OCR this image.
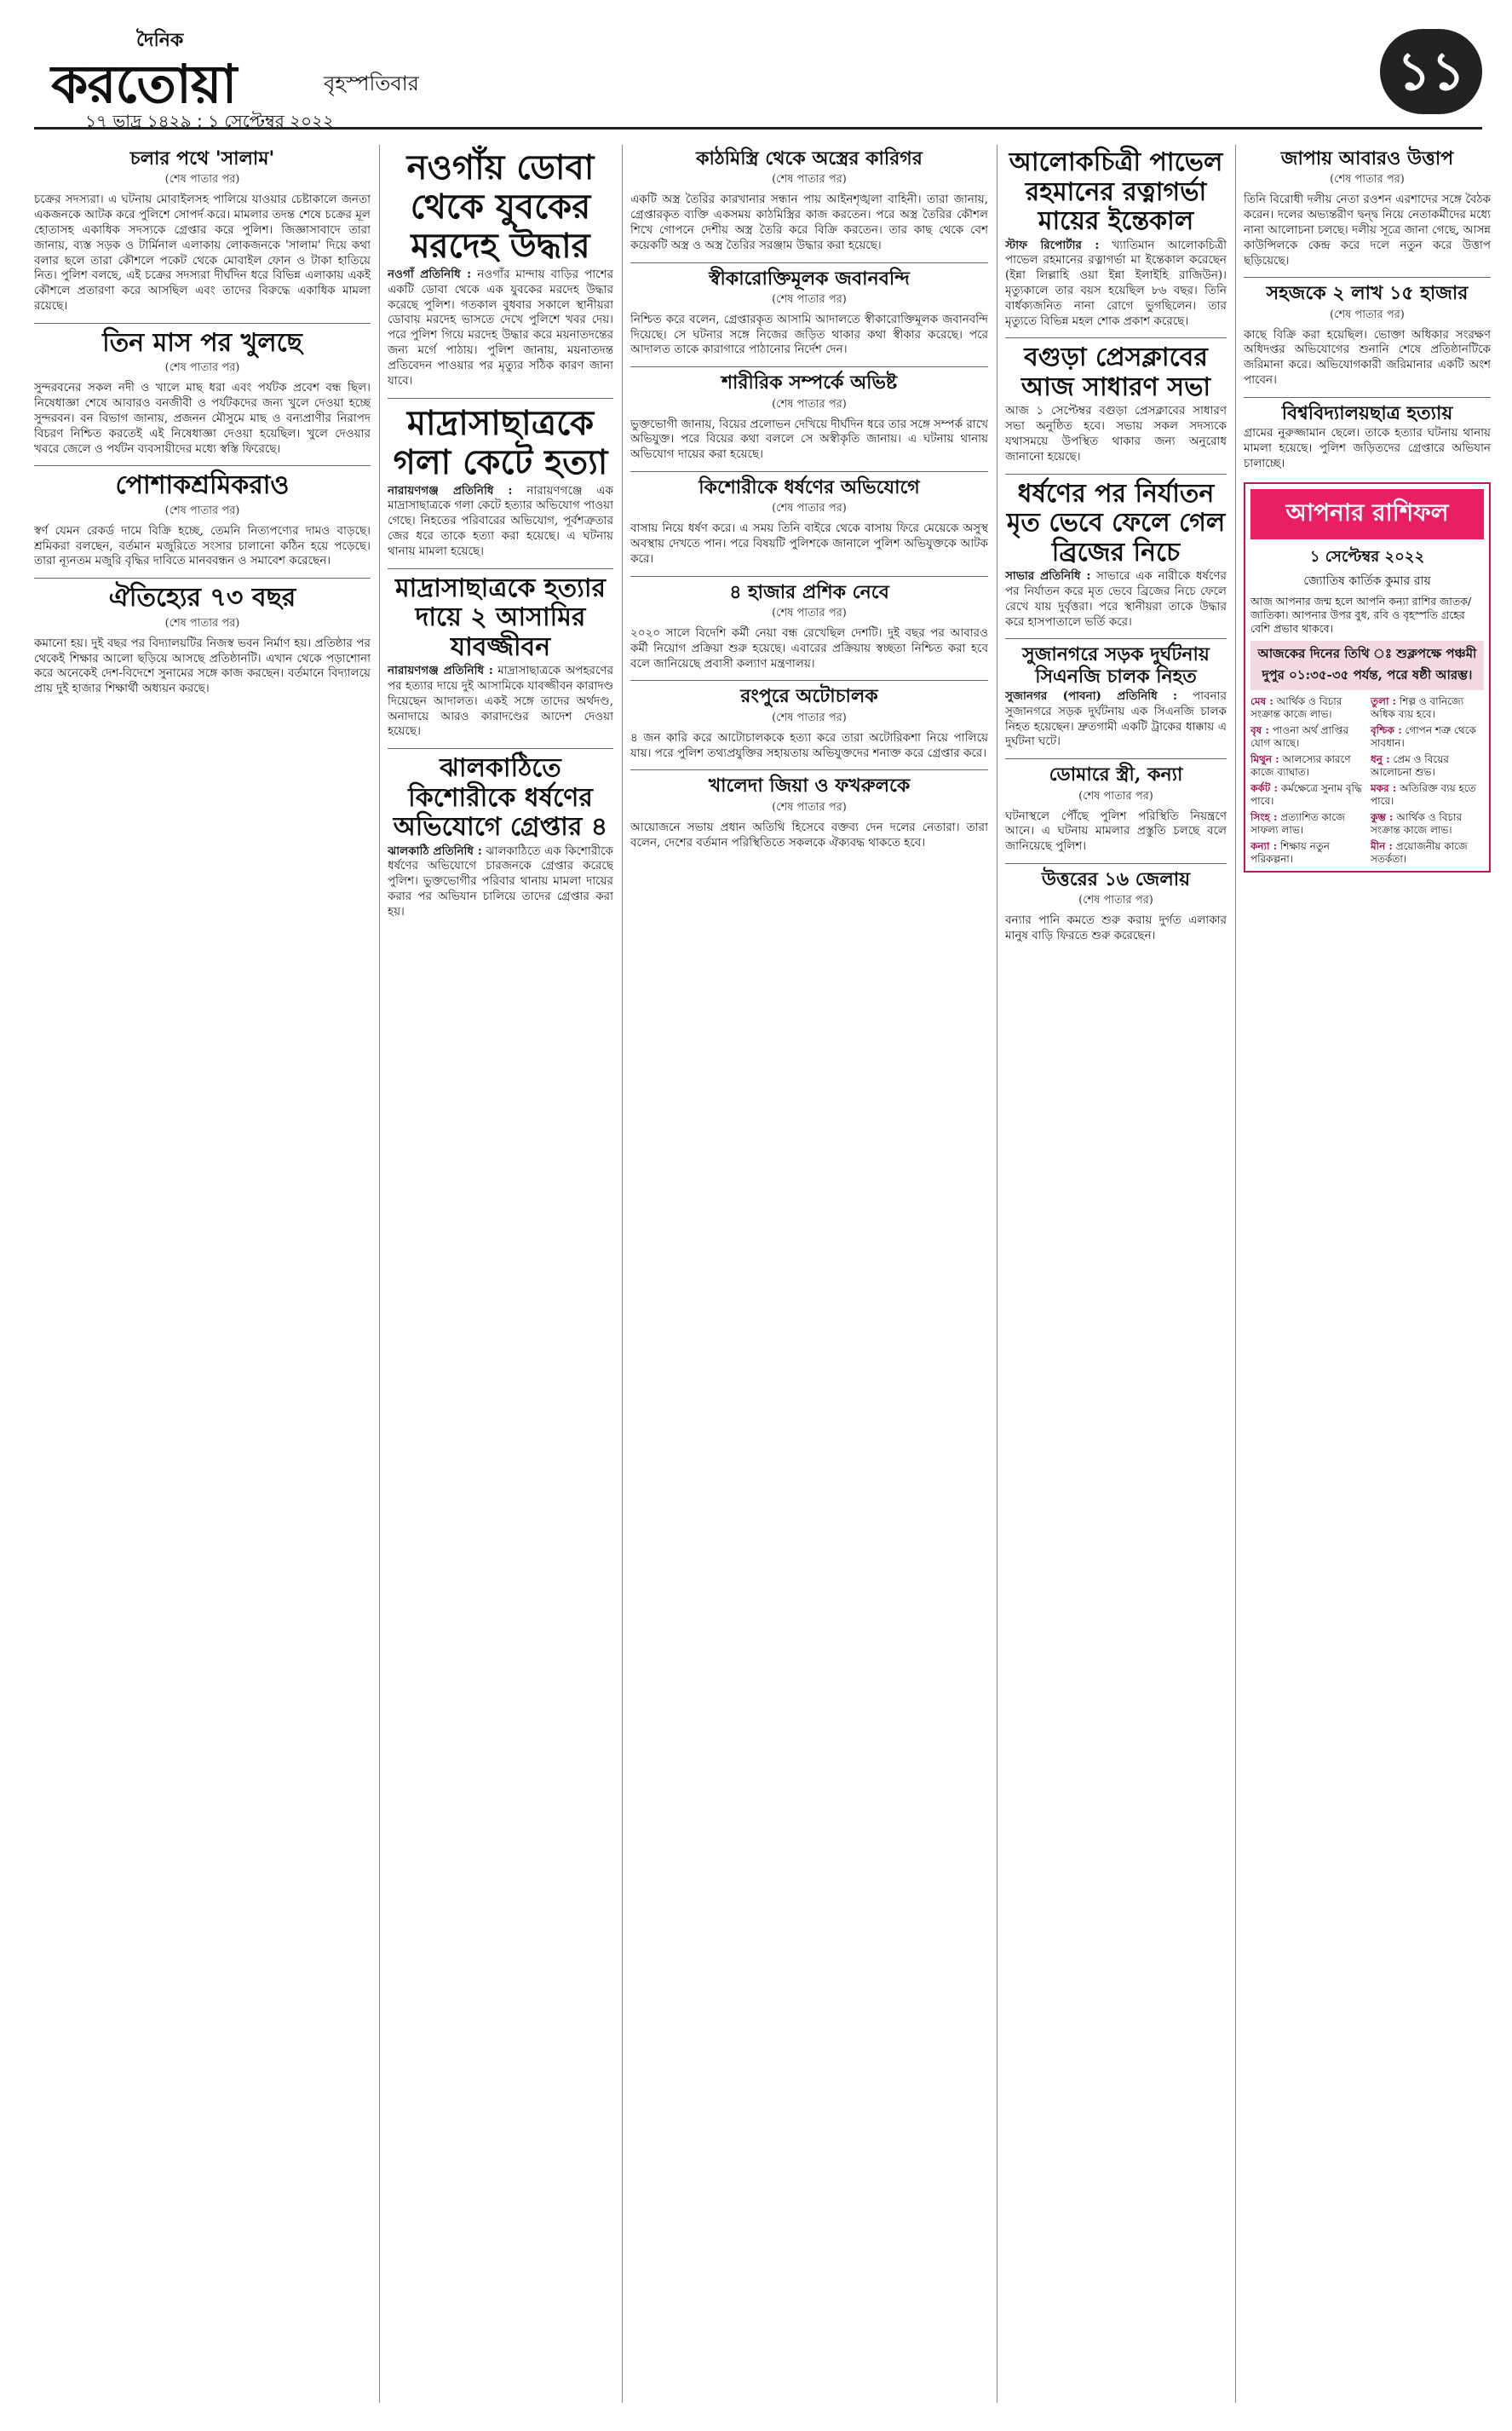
দৈনিক
করতোয়া	বৃহস্পতিবার
১৭ ভাদ্র ১৪২৯ : ১ সেপ্টেম্বর ২০২২
১১
চলার পথে 'সালাম'
(শেষ পাতার পর)
চক্রের সদস্যরা। এ ঘটনায় মোবাইলসহ পালিয়ে যাওয়ার চেষ্টাকালে জনতা একজনকে আটক করে পুলিশে সোপর্দ করে। মামলার তদন্ত শেষে চক্রের মূল হোতাসহ একাধিক সদস্যকে গ্রেপ্তার করে পুলিশ। জিজ্ঞাসাবাদে তারা জানায়, ব্যস্ত সড়ক ও টার্মিনাল এলাকায় লোকজনকে 'সালাম' দিয়ে কথা বলার ছলে তারা কৌশলে পকেট থেকে মোবাইল ফোন ও টাকা হাতিয়ে নিত। পুলিশ বলছে, এই চক্রের সদস্যরা দীর্ঘদিন ধরে বিভিন্ন এলাকায় একই কৌশলে প্রতারণা করে আসছিল এবং তাদের বিরুদ্ধে একাধিক মামলা রয়েছে।
তিন মাস পর খুলছে
(শেষ পাতার পর)
সুন্দরবনের সকল নদী ও খালে মাছ ধরা এবং পর্যটক প্রবেশ বন্ধ ছিল। নিষেধাজ্ঞা শেষে আবারও বনজীবী ও পর্যটকদের জন্য খুলে দেওয়া হচ্ছে সুন্দরবন। বন বিভাগ জানায়, প্রজনন মৌসুমে মাছ ও বন্যপ্রাণীর নিরাপদ বিচরণ নিশ্চিত করতেই এই নিষেধাজ্ঞা দেওয়া হয়েছিল। খুলে দেওয়ার খবরে জেলে ও পর্যটন ব্যবসায়ীদের মধ্যে স্বস্তি ফিরেছে।
পোশাকশ্রমিকরাও
(শেষ পাতার পর)
স্বর্ণ যেমন রেকর্ড দামে বিক্রি হচ্ছে, তেমনি নিত্যপণ্যের দামও বাড়ছে। শ্রমিকরা বলছেন, বর্তমান মজুরিতে সংসার চালানো কঠিন হয়ে পড়েছে। তারা ন্যূনতম মজুরি বৃদ্ধির দাবিতে মানববন্ধন ও সমাবেশ করেছেন।
ঐতিহ্যের ৭৩ বছর
(শেষ পাতার পর)
কমানো হয়। দুই বছর পর বিদ্যালয়টির নিজস্ব ভবন নির্মাণ হয়। প্রতিষ্ঠার পর থেকেই শিক্ষার আলো ছড়িয়ে আসছে প্রতিষ্ঠানটি। এখান থেকে পড়াশোনা করে অনেকেই দেশ-বিদেশে সুনামের সঙ্গে কাজ করছেন। বর্তমানে বিদ্যালয়ে প্রায় দুই হাজার শিক্ষার্থী অধ্যয়ন করছে।
নওগাঁয় ডোবা থেকে যুবকের মরদেহ উদ্ধার
নওগাঁ প্রতিনিধি : নওগাঁর মান্দায় বাড়ির পাশের একটি ডোবা থেকে এক যুবকের মরদেহ উদ্ধার করেছে পুলিশ। গতকাল বুধবার সকালে স্থানীয়রা ডোবায় মরদেহ ভাসতে দেখে পুলিশে খবর দেয়। পরে পুলিশ গিয়ে মরদেহ উদ্ধার করে ময়নাতদন্তের জন্য মর্গে পাঠায়। পুলিশ জানায়, ময়নাতদন্ত প্রতিবেদন পাওয়ার পর মৃত্যুর সঠিক কারণ জানা যাবে।
মাদ্রাসাছাত্রকে গলা কেটে হত্যা
নারায়ণগঞ্জ প্রতিনিধি : নারায়ণগঞ্জে এক মাদ্রাসাছাত্রকে গলা কেটে হত্যার অভিযোগ পাওয়া গেছে। নিহতের পরিবারের অভিযোগ, পূর্বশত্রুতার জের ধরে তাকে হত্যা করা হয়েছে। এ ঘটনায় থানায় মামলা হয়েছে।
মাদ্রাসাছাত্রকে হত্যার দায়ে ২ আসামির যাবজ্জীবন
নারায়ণগঞ্জ প্রতিনিধি : মাদ্রাসাছাত্রকে অপহরণের পর হত্যার দায়ে দুই আসামিকে যাবজ্জীবন কারাদণ্ড দিয়েছেন আদালত। একই সঙ্গে তাদের অর্থদণ্ড, অনাদায়ে আরও কারাদণ্ডের আদেশ দেওয়া হয়েছে।
ঝালকাঠিতে কিশোরীকে ধর্ষণের অভিযোগে গ্রেপ্তার ৪
ঝালকাঠি প্রতিনিধি : ঝালকাঠিতে এক কিশোরীকে ধর্ষণের অভিযোগে চারজনকে গ্রেপ্তার করেছে পুলিশ। ভুক্তভোগীর পরিবার থানায় মামলা দায়ের করার পর অভিযান চালিয়ে তাদের গ্রেপ্তার করা হয়।
কাঠমিস্ত্রি থেকে অস্ত্রের কারিগর
(শেষ পাতার পর)
একটি অস্ত্র তৈরির কারখানার সন্ধান পায় আইনশৃঙ্খলা বাহিনী। তারা জানায়, গ্রেপ্তারকৃত ব্যক্তি একসময় কাঠমিস্ত্রির কাজ করতেন। পরে অস্ত্র তৈরির কৌশল শিখে গোপনে দেশীয় অস্ত্র তৈরি করে বিক্রি করতেন। তার কাছ থেকে বেশ কয়েকটি অস্ত্র ও অস্ত্র তৈরির সরঞ্জাম উদ্ধার করা হয়েছে।
স্বীকারোক্তিমূলক জবানবন্দি
(শেষ পাতার পর)
নিশ্চিত করে বলেন, গ্রেপ্তারকৃত আসামি আদালতে স্বীকারোক্তিমূলক জবানবন্দি দিয়েছে। সে ঘটনার সঙ্গে নিজের জড়িত থাকার কথা স্বীকার করেছে। পরে আদালত তাকে কারাগারে পাঠানোর নির্দেশ দেন।
শারীরিক সম্পর্কে অভিষ্ট
(শেষ পাতার পর)
ভুক্তভোগী জানায়, বিয়ের প্রলোভন দেখিয়ে দীর্ঘদিন ধরে তার সঙ্গে সম্পর্ক রাখে অভিযুক্ত। পরে বিয়ের কথা বললে সে অস্বীকৃতি জানায়। এ ঘটনায় থানায় অভিযোগ দায়ের করা হয়েছে।
কিশোরীকে ধর্ষণের অভিযোগে
(শেষ পাতার পর)
বাসায় নিয়ে ধর্ষণ করে। এ সময় তিনি বাইরে থেকে বাসায় ফিরে মেয়েকে অসুস্থ অবস্থায় দেখতে পান। পরে বিষয়টি পুলিশকে জানালে পুলিশ অভিযুক্তকে আটক করে।
৪ হাজার প্রশিক নেবে
(শেষ পাতার পর)
২০২০ সালে বিদেশি কর্মী নেয়া বন্ধ রেখেছিল দেশটি। দুই বছর পর আবারও কর্মী নিয়োগ প্রক্রিয়া শুরু হয়েছে। এবারের প্রক্রিয়ায় স্বচ্ছতা নিশ্চিত করা হবে বলে জানিয়েছে প্রবাসী কল্যাণ মন্ত্রণালয়।
রংপুরে অটোচালক
(শেষ পাতার পর)
৪ জন কারি করে আটোচালককে হত্যা করে তারা অটোরিকশা নিয়ে পালিয়ে যায়। পরে পুলিশ তথ্যপ্রযুক্তির সহায়তায় অভিযুক্তদের শনাক্ত করে গ্রেপ্তার করে।
খালেদা জিয়া ও ফখরুলকে
(শেষ পাতার পর)
আয়োজনে সভায় প্রধান অতিথি হিসেবে বক্তব্য দেন দলের নেতারা। তারা বলেন, দেশের বর্তমান পরিস্থিতিতে সকলকে ঐক্যবদ্ধ থাকতে হবে।
আলোকচিত্রী পাভেল রহমানের রত্নাগর্ভা মায়ের ইন্তেকাল
স্টাফ রিপোর্টার : খ্যাতিমান আলোকচিত্রী পাভেল রহমানের রত্নাগর্ভা মা ইন্তেকাল করেছেন (ইন্না লিল্লাহি ওয়া ইন্না ইলাইহি রাজিউন)। মৃত্যুকালে তার বয়স হয়েছিল ৮৬ বছর। তিনি বার্ধক্যজনিত নানা রোগে ভুগছিলেন। তার মৃত্যুতে বিভিন্ন মহল শোক প্রকাশ করেছে।
বগুড়া প্রেসক্লাবের আজ সাধারণ সভা
আজ ১ সেপ্টেম্বর বগুড়া প্রেসক্লাবের সাধারণ সভা অনুষ্ঠিত হবে। সভায় সকল সদস্যকে যথাসময়ে উপস্থিত থাকার জন্য অনুরোধ জানানো হয়েছে।
ধর্ষণের পর নির্যাতন মৃত ভেবে ফেলে গেল ব্রিজের নিচে
সাভার প্রতিনিধি : সাভারে এক নারীকে ধর্ষণের পর নির্যাতন করে মৃত ভেবে ব্রিজের নিচে ফেলে রেখে যায় দুর্বৃত্তরা। পরে স্থানীয়রা তাকে উদ্ধার করে হাসপাতালে ভর্তি করে।
সুজানগরে সড়ক দুর্ঘটনায় সিএনজি চালক নিহত
সুজানগর (পাবনা) প্রতিনিধি : পাবনার সুজানগরে সড়ক দুর্ঘটনায় এক সিএনজি চালক নিহত হয়েছেন। দ্রুতগামী একটি ট্রাকের ধাক্কায় এ দুর্ঘটনা ঘটে।
ডোমারে স্ত্রী, কন্যা
(শেষ পাতার পর)
ঘটনাস্থলে পৌঁছে পুলিশ পরিস্থিতি নিয়ন্ত্রণে আনে। এ ঘটনায় মামলার প্রস্তুতি চলছে বলে জানিয়েছে পুলিশ।
উত্তরের ১৬ জেলায়
(শেষ পাতার পর)
বন্যার পানি কমতে শুরু করায় দুর্গত এলাকার মানুষ বাড়ি ফিরতে শুরু করেছেন।
জাপায় আবারও উত্তাপ
(শেষ পাতার পর)
তিনি বিরোধী দলীয় নেতা রওশন এরশাদের সঙ্গে বৈঠক করেন। দলের অভ্যন্তরীণ দ্বন্দ্ব নিয়ে নেতাকর্মীদের মধ্যে নানা আলোচনা চলছে। দলীয় সূত্রে জানা গেছে, আসন্ন কাউন্সিলকে কেন্দ্র করে দলে নতুন করে উত্তাপ ছড়িয়েছে।
সহজকে ২ লাখ ১৫ হাজার
(শেষ পাতার পর)
কাছে বিক্রি করা হয়েছিল। ভোক্তা অধিকার সংরক্ষণ অধিদপ্তর অভিযোগের শুনানি শেষে প্রতিষ্ঠানটিকে জরিমানা করে। অভিযোগকারী জরিমানার একটি অংশ পাবেন।
বিশ্ববিদ্যালয়ছাত্র হত্যায়
গ্রামের নুরুজ্জামান ছেলে। তাকে হত্যার ঘটনায় থানায় মামলা হয়েছে। পুলিশ জড়িতদের গ্রেপ্তারে অভিযান চালাচ্ছে।
আপনার রাশিফল
১ সেপ্টেম্বর ২০২২
জ্যোতিষ কার্তিক কুমার রায়
আজ আপনার জন্ম হলে আপনি কন্যা রাশির জাতক/জাতিকা। আপনার উপর বুধ, রবি ও বৃহস্পতি গ্রহের বেশি প্রভাব থাকবে।
আজকের দিনের তিথি ঃ শুক্লপক্ষে পঞ্চমী দুপুর ০১:৩৫-৩৫ পর্যন্ত, পরে ষষ্ঠী আরম্ভ।
মেষ : আর্থিক ও বিচার সংক্রান্ত কাজে লাভ।
তুলা : শিল্প ও বানিজ্যে অধিক ব্যয় হবে।
বৃষ : পাওনা অর্থ প্রাপ্তির যোগ আছে।
বৃশ্চিক : গোপন শত্রু থেকে সাবধান।
মিথুন : আলস্যের কারণে কাজে ব্যাঘাত।
ধনু : প্রেম ও বিয়ের আলোচনা শুভ।
কর্কট : কর্মক্ষেত্রে সুনাম বৃদ্ধি পাবে।
মকর : অতিরিক্ত ব্যয় হতে পারে।
সিংহ : প্রত্যাশিত কাজে সাফল্য লাভ।
কুম্ভ : আর্থিক ও বিচার সংক্রান্ত কাজে লাভ।
কন্যা : শিক্ষায় নতুন পরিকল্পনা।
মীন : প্রয়োজনীয় কাজে সতর্কতা।
